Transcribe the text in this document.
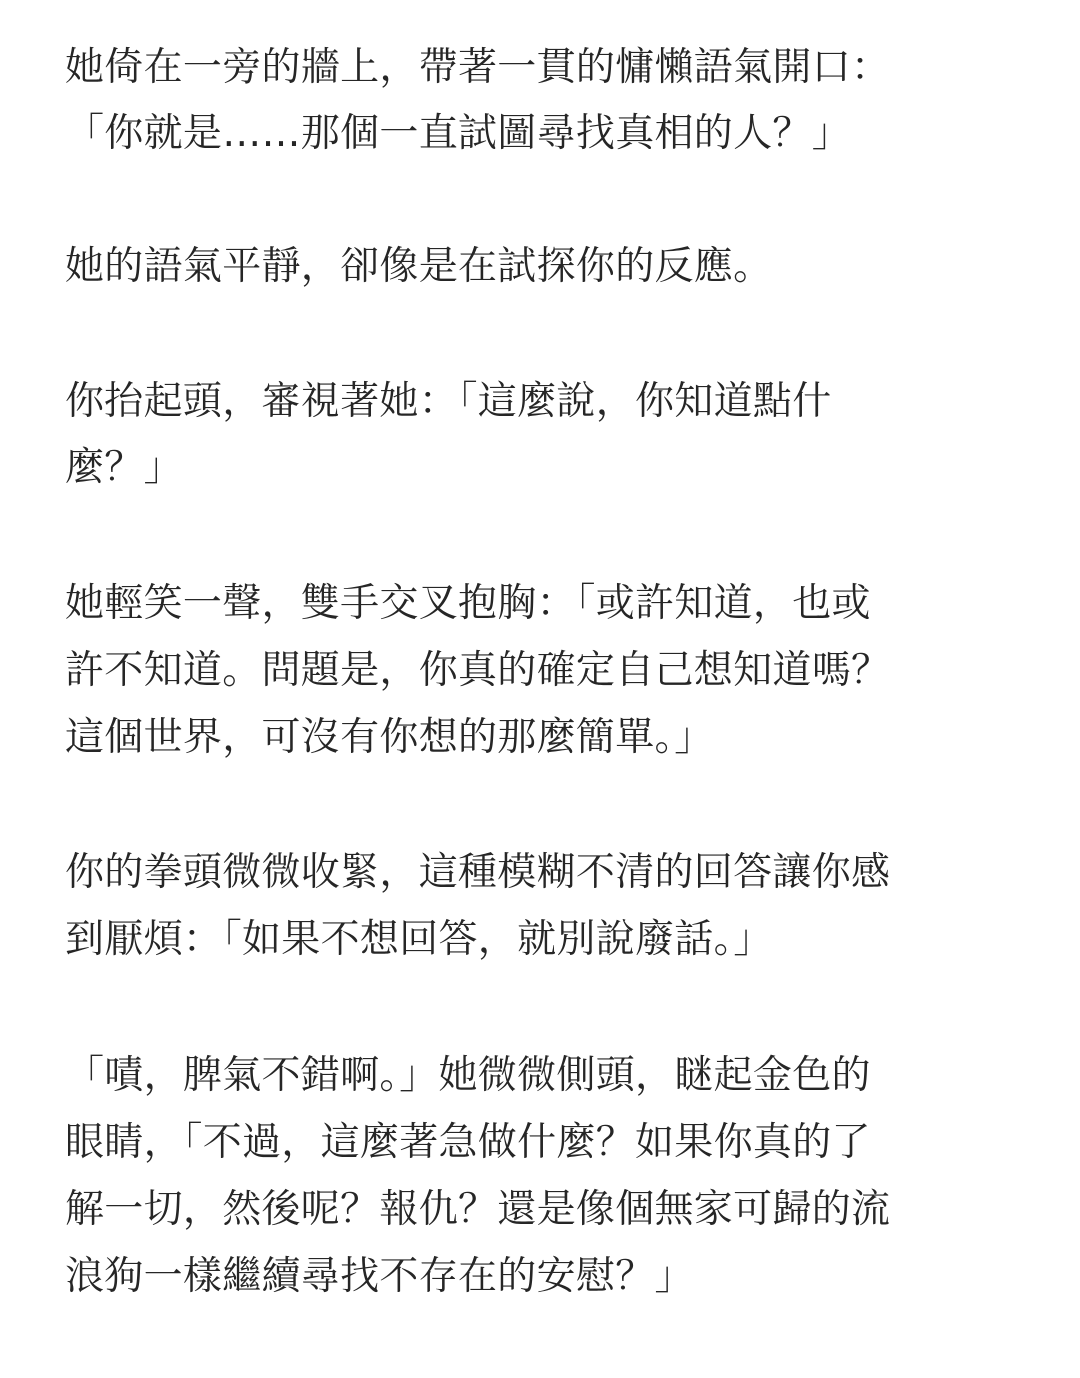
她倚在一旁的牆上，帶著一貫的慵懶語氣開口：
「你就是……那個一直試圖尋找真相的人？」
她的語氣平靜，卻像是在試探你的反應。
你抬起頭，審視著她：「這麼說，你知道點什
麼？」
她輕笑一聲，雙手交叉抱胸：「或許知道，也或
許不知道。問題是，你真的確定自己想知道嗎？
這個世界，可沒有你想的那麼簡單。」
你的拳頭微微收緊，這種模糊不清的回答讓你感
到厭煩：「如果不想回答，就別說廢話。」
「嘖，脾氣不錯啊。」她微微側頭，瞇起金色的
眼睛，「不過，這麼著急做什麼？如果你真的了
解一切，然後呢？報仇？還是像個無家可歸的流
浪狗一樣繼續尋找不存在的安慰？」
